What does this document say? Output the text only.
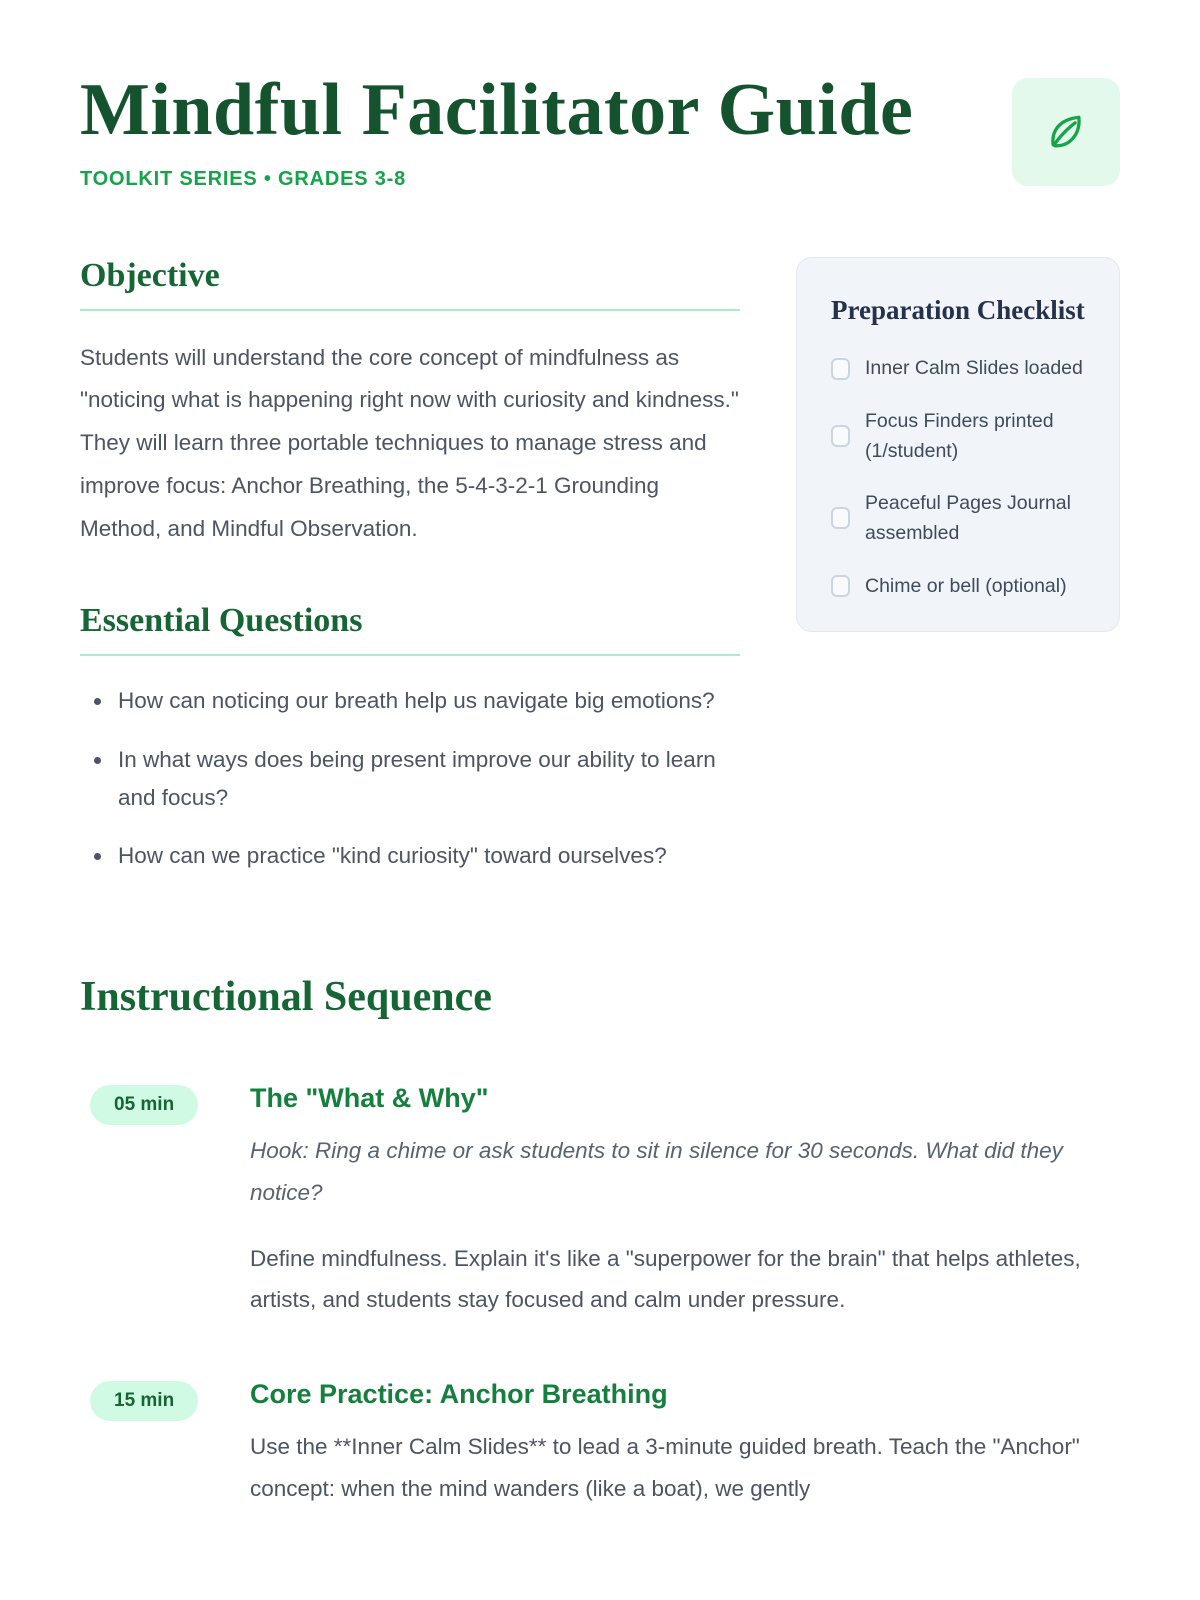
Mindful Facilitator Guide
TOOLKIT SERIES • GRADES 3-8
Objective

Students will understand the core concept of mindfulness as "noticing what is happening right now with curiosity and kindness." They will learn three portable techniques to manage stress and improve focus: Anchor Breathing, the 5-4-3-2-1 Grounding Method, and Mindful Observation.

Essential Questions
• How can noticing our breath help us navigate big emotions?
• In what ways does being present improve our ability to learn and focus?
• How can we practice "kind curiosity" toward ourselves?
Preparation Checklist
Inner Calm Slides loaded
Focus Finders printed (1/student)
Peaceful Pages Journal assembled
Chime or bell (optional)
Instructional Sequence
05 min	The "What & Why"

Hook: Ring a chime or ask students to sit in silence for 30 seconds. What did they notice?

Define mindfulness. Explain it's like a "superpower for the brain" that helps athletes, artists, and students stay focused and calm under pressure.

15 min	Core Practice: Anchor Breathing

Use the **Inner Calm Slides** to lead a 3-minute guided breath. Teach the "Anchor" concept: when the mind wanders (like a boat), we gently
